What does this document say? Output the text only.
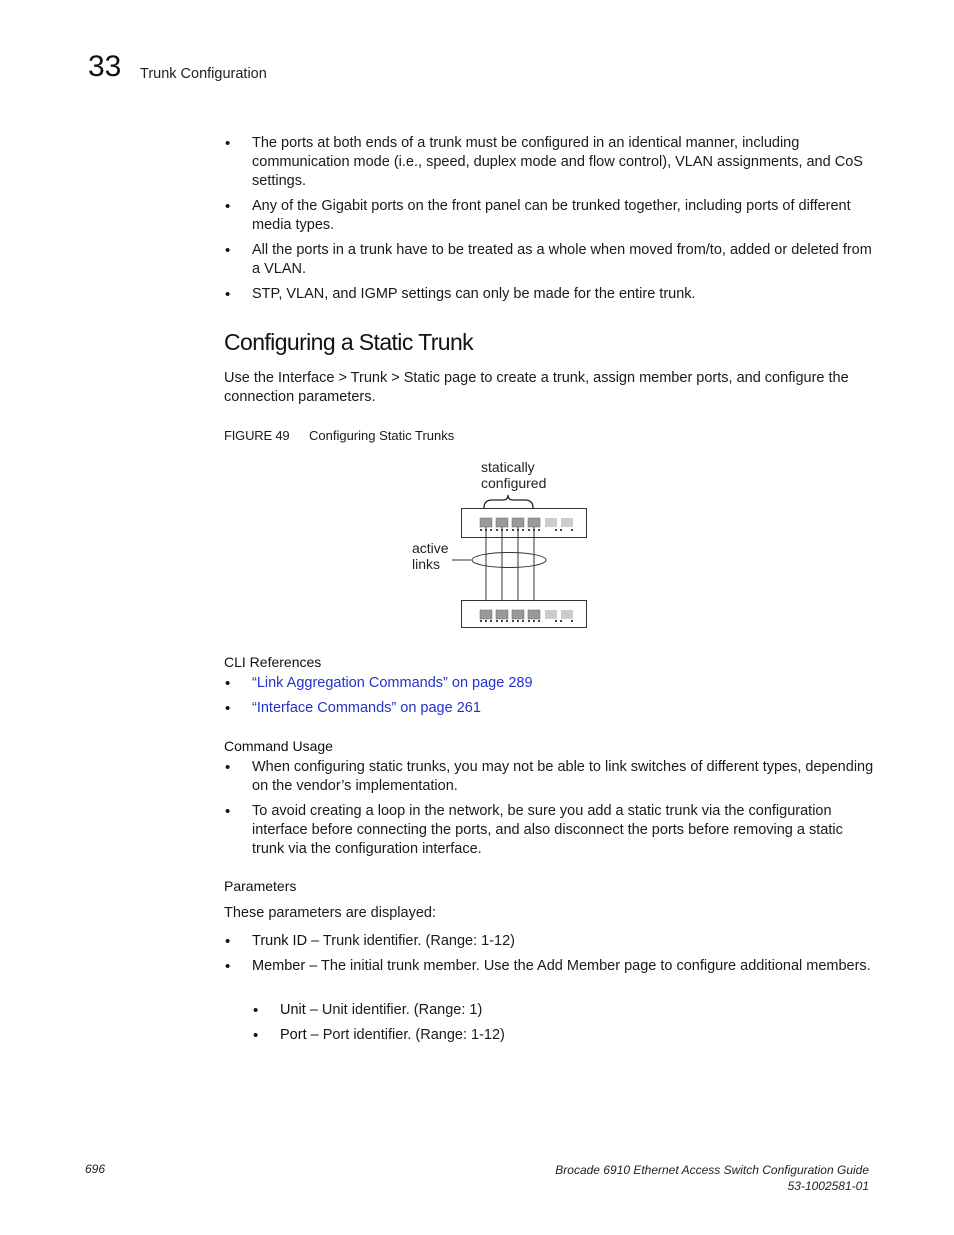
33 Trunk Configuration
• The ports at both ends of a trunk must be configured in an identical manner, including communication mode (i.e., speed, duplex mode and flow control), VLAN assignments, and CoS settings.
• Any of the Gigabit ports on the front panel can be trunked together, including ports of different media types.
• All the ports in a trunk have to be treated as a whole when moved from/to, added or deleted from a VLAN.
• STP, VLAN, and IGMP settings can only be made for the entire trunk.
Configuring a Static Trunk
Use the Interface > Trunk > Static page to create a trunk, assign member ports, and configure the connection parameters.
FIGURE 49 Configuring Static Trunks
statically
configured
active
links
CLI References
• “Link Aggregation Commands” on page 289
• “Interface Commands” on page 261
Command Usage
• When configuring static trunks, you may not be able to link switches of different types, depending on the vendor’s implementation.
• To avoid creating a loop in the network, be sure you add a static trunk via the configuration interface before connecting the ports, and also disconnect the ports before removing a static trunk via the configuration interface.
Parameters
These parameters are displayed:
• Trunk ID – Trunk identifier. (Range: 1-12)
• Member – The initial trunk member. Use the Add Member page to configure additional members.
• Unit – Unit identifier. (Range: 1)
• Port – Port identifier. (Range: 1-12)
696	Brocade 6910 Ethernet Access Switch Configuration Guide
53-1002581-01
